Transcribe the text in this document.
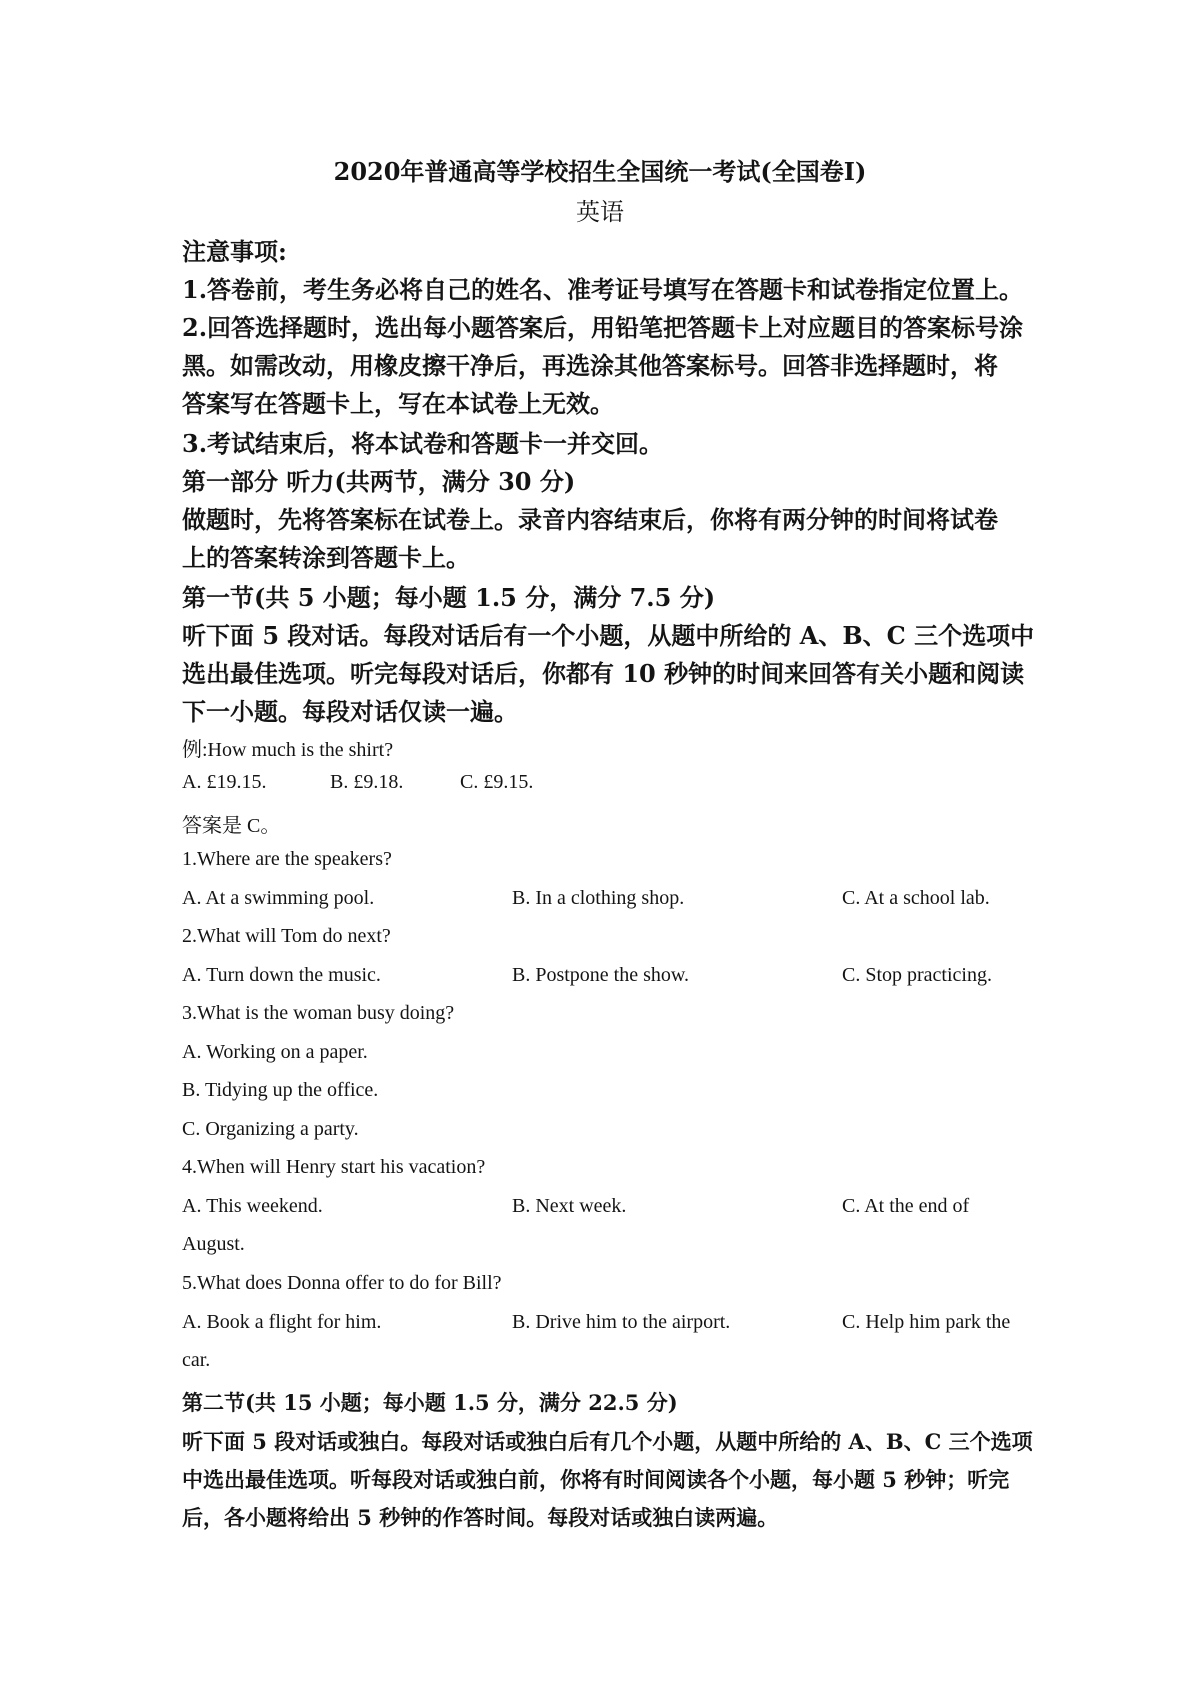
2020年普通高等学校招生全国统一考试(全国卷I)
英语
注意事项:
1.答卷前，考生务必将自己的姓名、准考证号填写在答题卡和试卷指定位置上。
2.回答选择题时，选出每小题答案后，用铅笔把答题卡上对应题目的答案标号涂
黑。如需改动，用橡皮擦干净后，再选涂其他答案标号。回答非选择题时，将
答案写在答题卡上，写在本试卷上无效。
3.考试结束后，将本试卷和答题卡一并交回。
第一部分 听力(共两节，满分 30 分)
做题时，先将答案标在试卷上。录音内容结束后，你将有两分钟的时间将试卷
上的答案转涂到答题卡上。
第一节(共 5 小题；每小题 1.5 分，满分 7.5 分)
听下面 5 段对话。每段对话后有一个小题，从题中所给的 A、B、C 三个选项中
选出最佳选项。听完每段对话后，你都有 10 秒钟的时间来回答有关小题和阅读
下一小题。每段对话仅读一遍。
例:How much is the shirt?
A. £19.15.	B. £9.18.	C. £9.15.
答案是 C。
1.Where are the speakers?
A. At a swimming pool.	B. In a clothing shop.	C. At a school lab.
2.What will Tom do next?
A. Turn down the music.	B. Postpone the show.	C. Stop practicing.
3.What is the woman busy doing?
A. Working on a paper.
B. Tidying up the office.
C. Organizing a party.
4.When will Henry start his vacation?
A. This weekend.	B. Next week.	C. At the end of
August.
5.What does Donna offer to do for Bill?
A. Book a flight for him.	B. Drive him to the airport.	C. Help him park the
car.
第二节(共 15 小题；每小题 1.5 分，满分 22.5 分)
听下面 5 段对话或独白。每段对话或独白后有几个小题，从题中所给的 A、B、C 三个选项
中选出最佳选项。听每段对话或独白前，你将有时间阅读各个小题，每小题 5 秒钟；听完
后，各小题将给出 5 秒钟的作答时间。每段对话或独白读两遍。
